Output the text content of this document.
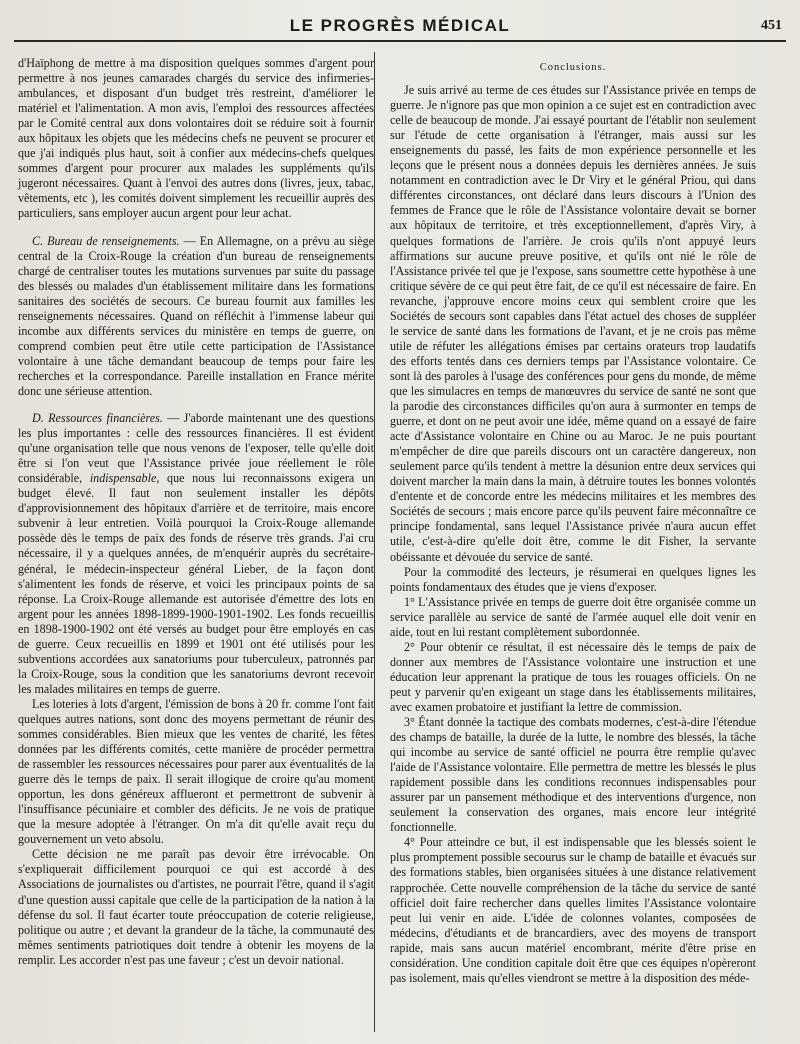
LE PROGRÈS MÉDICAL	451

d'Haïphong de mettre à ma disposition quelques sommes d'argent pour permettre à nos jeunes camarades chargés du service des infirmeries-ambulances, et disposant d'un budget très restreint, d'améliorer le matériel et l'alimentation. A mon avis, l'emploi des ressources affectées par le Comité central aux dons volontaires doit se réduire soit à fournir aux hôpitaux les objets que les médecins chefs ne peuvent se procurer et que j'ai indiqués plus haut, soit à confier aux médecins-chefs quelques sommes d'argent pour procurer aux malades les suppléments qu'ils jugeront nécessaires. Quant à l'envoi des autres dons (livres, jeux, tabac, vêtements, etc ), les comités doivent simplement les recueillir auprès des particuliers, sans employer aucun argent pour leur achat.

C. Bureau de renseignements. — En Allemagne, on a prévu au siège central de la Croix-Rouge la création d'un bureau de renseignements chargé de centraliser toutes les mutations survenues par suite du passage des blessés ou malades d'un établissement militaire dans les formations sanitaires des sociétés de secours. Ce bureau fournit aux familles les renseignements nécessaires. Quand on réfléchit à l'immense labeur qui incombe aux différents services du ministère en temps de guerre, on comprend combien peut être utile cette participation de l'Assistance volontaire à une tâche demandant beaucoup de temps pour faire les recherches et la correspondance. Pareille installation en France mérite donc une sérieuse attention.

D. Ressources financières. — J'aborde maintenant une des questions les plus importantes : celle des ressources financières. Il est évident qu'une organisation telle que nous venons de l'exposer, telle qu'elle doit être si l'on veut que l'Assistance privée joue réellement le rôle considérable, indispensable, que nous lui reconnaissons exigera un budget élevé. Il faut non seulement installer les dépôts d'approvisionnement des hôpitaux d'arrière et de territoire, mais encore subvenir à leur entretien. Voilà pourquoi la Croix-Rouge allemande possède dès le temps de paix des fonds de réserve très grands. J'ai cru nécessaire, il y a quelques années, de m'enquérir auprès du secrétaire-général, le médecin-inspecteur général Lieber, de la façon dont s'alimentent les fonds de réserve, et voici les principaux points de sa réponse. La Croix-Rouge allemande est autorisée d'émettre des lots en argent pour les années 1898-1899-1900-1901-1902. Les fonds recueillis en 1898-1900-1902 ont été versés au budget pour être employés en cas de guerre. Ceux recueillis en 1899 et 1901 ont été utilisés pour les subventions accordées aux sanatoriums pour tuberculeux, patronnés par la Croix-Rouge, sous la condition que les sanatoriums devront recevoir les malades militaires en temps de guerre.

Les loteries à lots d'argent, l'émission de bons à 20 fr. comme l'ont fait quelques autres nations, sont donc des moyens permettant de réunir des sommes considérables. Bien mieux que les ventes de charité, les fêtes données par les différents comités, cette manière de procéder permettra de rassembler les ressources nécessaires pour parer aux éventualités de la guerre dès le temps de paix. Il serait illogique de croire qu'au moment opportun, les dons généreux afflueront et permettront de subvenir à l'insuffisance pécuniaire et combler des déficits. Je ne vois de pratique que la mesure adoptée à l'étranger. On m'a dit qu'elle avait reçu du gouvernement un veto absolu.

Cette décision ne me paraît pas devoir être irrévocable. On s'expliquerait difficilement pourquoi ce qui est accordé à des Associations de journalistes ou d'artistes, ne pourrait l'être, quand il s'agit d'une question aussi capitale que celle de la participation de la nation à la défense du sol. Il faut écarter toute préoccupation de coterie religieuse, politique ou autre ; et devant la grandeur de la tâche, la communauté des mêmes sentiments patriotiques doit tendre à obtenir les moyens de la remplir. Les accorder n'est pas une faveur ; c'est un devoir national.

Conclusions.

Je suis arrivé au terme de ces études sur l'Assistance privée en temps de guerre. Je n'ignore pas que mon opinion a ce sujet est en contradiction avec celle de beaucoup de monde. J'ai essayé pourtant de l'établir non seulement sur l'étude de cette organisation à l'étranger, mais aussi sur les enseignements du passé, les faits de mon expérience personnelle et les leçons que le présent nous a données depuis les dernières années. Je suis notamment en contradiction avec le Dr Viry et le général Priou, qui dans différentes circonstances, ont déclaré dans leurs discours à l'Union des femmes de France que le rôle de l'Assistance volontaire devait se borner aux hôpitaux de territoire, et très exceptionnellement, d'après Viry, à quelques formations de l'arrière. Je crois qu'ils n'ont appuyé leurs affirmations sur aucune preuve positive, et qu'ils ont nié le rôle de l'Assistance privée tel que je l'expose, sans soumettre cette hypothèse à une critique sévère de ce qui peut être fait, de ce qu'il est nécessaire de faire. En revanche, j'approuve encore moins ceux qui semblent croire que les Sociétés de secours sont capables dans l'état actuel des choses de suppléer le service de santé dans les formations de l'avant, et je ne crois pas même utile de réfuter les allégations émises par certains orateurs trop laudatifs des efforts tentés dans ces derniers temps par l'Assistance volontaire. Ce sont là des paroles à l'usage des conférences pour gens du monde, de même que les simulacres en temps de manœuvres du service de santé ne sont que la parodie des circonstances difficiles qu'on aura à surmonter en temps de guerre, et dont on ne peut avoir une idée, même quand on a essayé de faire acte d'Assistance volontaire en Chine ou au Maroc. Je ne puis pourtant m'empêcher de dire que pareils discours ont un caractère dangereux, non seulement parce qu'ils tendent à mettre la désunion entre deux services qui doivent marcher la main dans la main, à détruire toutes les bonnes volontés d'entente et de concorde entre les médecins militaires et les membres des Sociétés de secours ; mais encore parce qu'ils peuvent faire méconnaître ce principe fondamental, sans lequel l'Assistance privée n'aura aucun effet utile, c'est-à-dire qu'elle doit être, comme le dit Fisher, la servante obéissante et dévouée du service de santé.

Pour la commodité des lecteurs, je résumerai en quelques lignes les points fondamentaux des études que je viens d'exposer.

1° L'Assistance privée en temps de guerre doit être organisée comme un service parallèle au service de santé de l'armée auquel elle doit venir en aide, tout en lui restant complètement subordonnée.

2° Pour obtenir ce résultat, il est nécessaire dès le temps de paix de donner aux membres de l'Assistance volontaire une instruction et une éducation leur apprenant la pratique de tous les rouages officiels. On ne peut y parvenir qu'en exigeant un stage dans les établissements militaires, avec examen probatoire et justifiant la lettre de commission.

3° Étant donnée la tactique des combats modernes, c'est-à-dire l'étendue des champs de bataille, la durée de la lutte, le nombre des blessés, la tâche qui incombe au service de santé officiel ne pourra être remplie qu'avec l'aide de l'Assistance volontaire. Elle permettra de mettre les blessés le plus rapidement possible dans les conditions reconnues indispensables pour assurer par un pansement méthodique et des interventions d'urgence, non seulement la conservation des organes, mais encore leur intégrité fonctionnelle.

4° Pour atteindre ce but, il est indispensable que les blessés soient le plus promptement possible secourus sur le champ de bataille et évacués sur des formations stables, bien organisées situées à une distance relativement rapprochée. Cette nouvelle compréhension de la tâche du service de santé officiel doit faire rechercher dans quelles limites l'Assistance volontaire peut lui venir en aide. L'idée de colonnes volantes, composées de médecins, d'étudiants et de brancardiers, avec des moyens de transport rapide, mais sans aucun matériel encombrant, mérite d'être prise en considération. Une condition capitale doit être que ces équipes n'opèreront pas isolement, mais qu'elles viendront se mettre à la disposition des méde-
